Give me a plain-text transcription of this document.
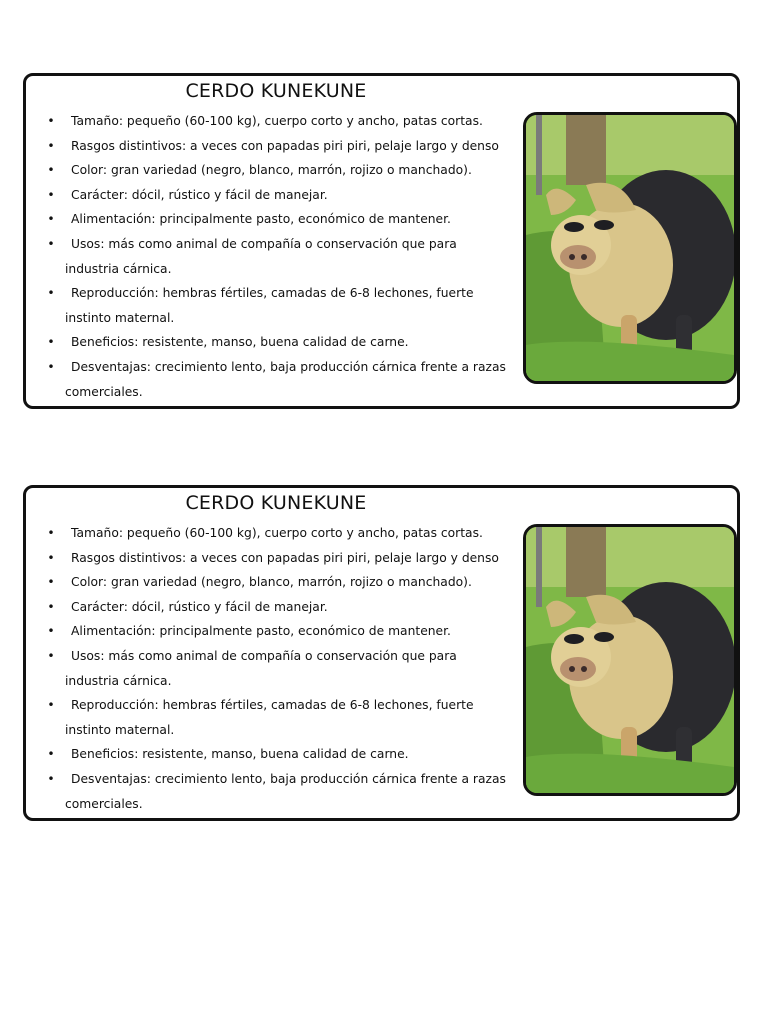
CERDO KUNEKUNE
• Tamaño: pequeño (60-100 kg), cuerpo corto y ancho, patas cortas.
• Rasgos distintivos: a veces con papadas piri piri, pelaje largo y denso
• Color: gran variedad (negro, blanco, marrón, rojizo o manchado).
• Carácter: dócil, rústico y fácil de manejar.
• Alimentación: principalmente pasto, económico de mantener.
• Usos: más como animal de compañía o conservación que para
industria cárnica.
• Reproducción: hembras fértiles, camadas de 6-8 lechones, fuerte
instinto maternal.
• Beneficios: resistente, manso, buena calidad de carne.
• Desventajas: crecimiento lento, baja producción cárnica frente a razas
comerciales.
CERDO KUNEKUNE
• Tamaño: pequeño (60-100 kg), cuerpo corto y ancho, patas cortas.
• Rasgos distintivos: a veces con papadas piri piri, pelaje largo y denso
• Color: gran variedad (negro, blanco, marrón, rojizo o manchado).
• Carácter: dócil, rústico y fácil de manejar.
• Alimentación: principalmente pasto, económico de mantener.
• Usos: más como animal de compañía o conservación que para
industria cárnica.
• Reproducción: hembras fértiles, camadas de 6-8 lechones, fuerte
instinto maternal.
• Beneficios: resistente, manso, buena calidad de carne.
• Desventajas: crecimiento lento, baja producción cárnica frente a razas
comerciales.
